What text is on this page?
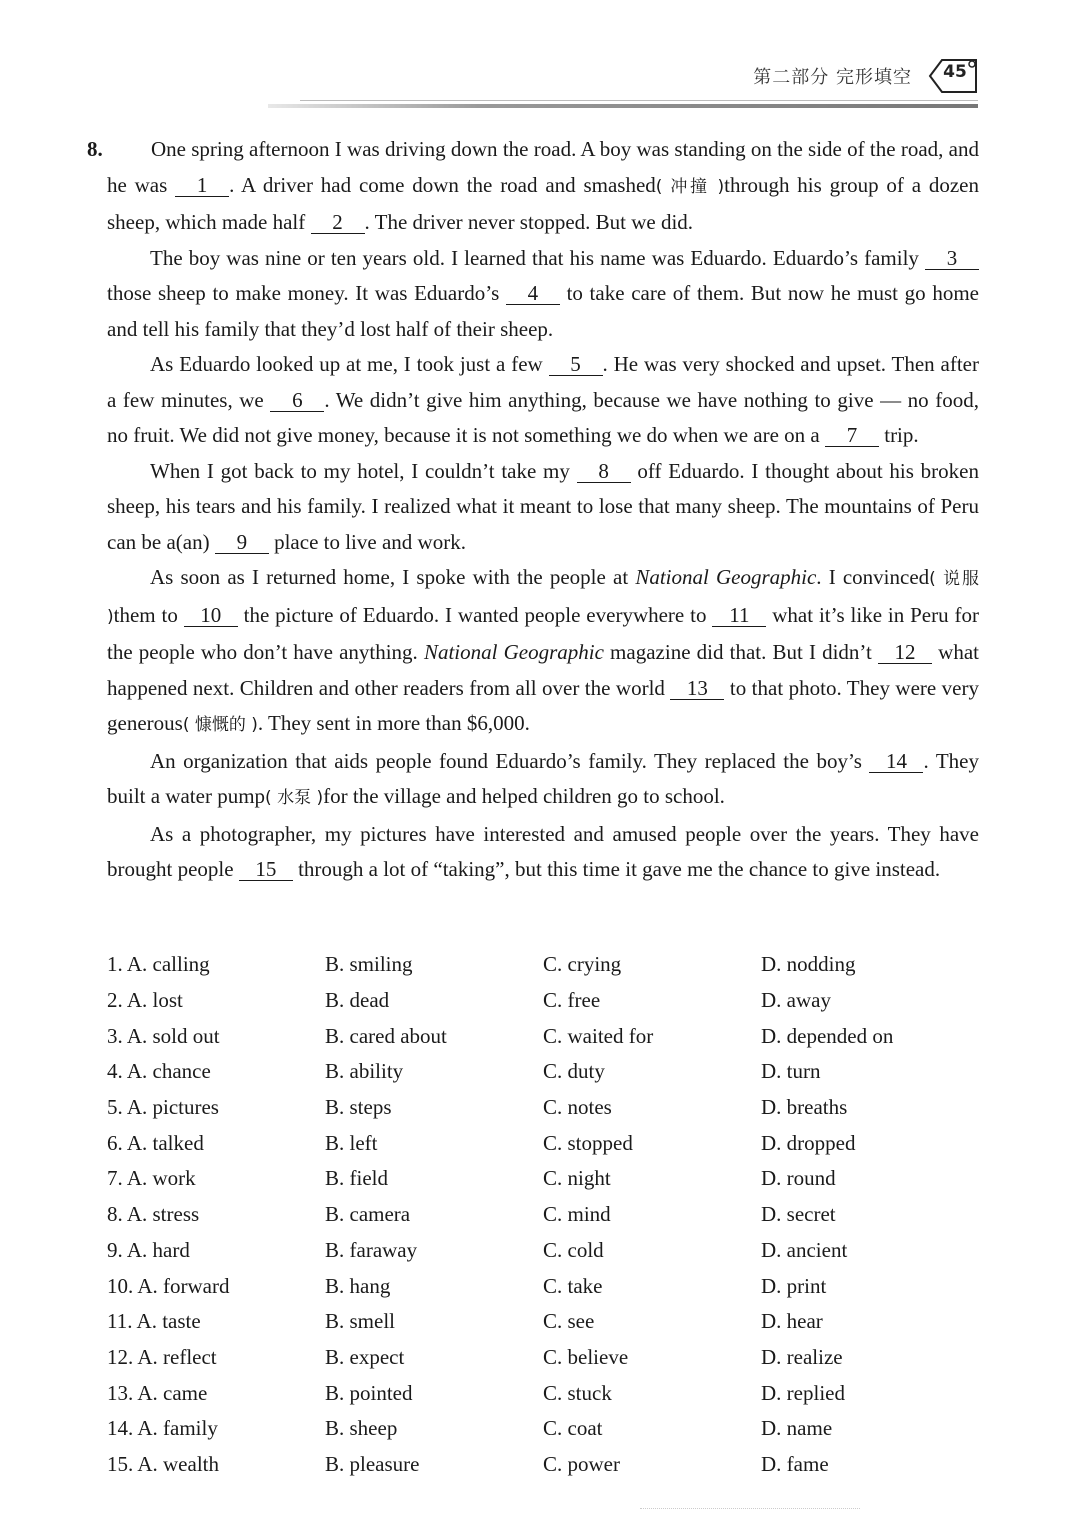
第二部分 完形填空	45
8.	One spring afternoon I was driving down the road. A boy was standing on the side of the road, and he was 1 . A driver had come down the road and smashed( 冲撞 )through his group of a dozen sheep, which made half 2 . The driver never stopped. But we did.

The boy was nine or ten years old. I learned that his name was Eduardo. Eduardo’s family 3 those sheep to make money. It was Eduardo’s 4 to take care of them. But now he must go home and tell his family that they’d lost half of their sheep.

As Eduardo looked up at me, I took just a few 5 . He was very shocked and upset. Then after a few minutes, we 6 . We didn’t give him anything, because we have nothing to give — no food, no fruit. We did not give money, because it is not something we do when we are on a 7 trip.

When I got back to my hotel, I couldn’t take my 8 off Eduardo. I thought about his broken sheep, his tears and his family. I realized what it meant to lose that many sheep. The mountains of Peru can be a(an) 9 place to live and work.

As soon as I returned home, I spoke with the people at National Geographic. I convinced( 说服 )them to 10 the picture of Eduardo. I wanted people everywhere to 11 what it’s like in Peru for the people who don’t have anything. National Geographic magazine did that. But I didn’t 12 what happened next. Children and other readers from all over the world 13 to that photo. They were very generous( 慷慨的 ). They sent in more than $6,000.

An organization that aids people found Eduardo’s family. They replaced the boy’s 14 . They built a water pump( 水泵 )for the village and helped children go to school.

As a photographer, my pictures have interested and amused people over the years. They have brought people 15 through a lot of “taking”, but this time it gave me the chance to give instead.

1. A. calling	B. smiling	C. crying	D. nodding
2. A. lost	B. dead	C. free	D. away
3. A. sold out	B. cared about	C. waited for	D. depended on
4. A. chance	B. ability	C. duty	D. turn
5. A. pictures	B. steps	C. notes	D. breaths
6. A. talked	B. left	C. stopped	D. dropped
7. A. work	B. field	C. night	D. round
8. A. stress	B. camera	C. mind	D. secret
9. A. hard	B. faraway	C. cold	D. ancient
10. A. forward	B. hang	C. take	D. print
11. A. taste	B. smell	C. see	D. hear
12. A. reflect	B. expect	C. believe	D. realize
13. A. came	B. pointed	C. stuck	D. replied
14. A. family	B. sheep	C. coat	D. name
15. A. wealth	B. pleasure	C. power	D. fame
